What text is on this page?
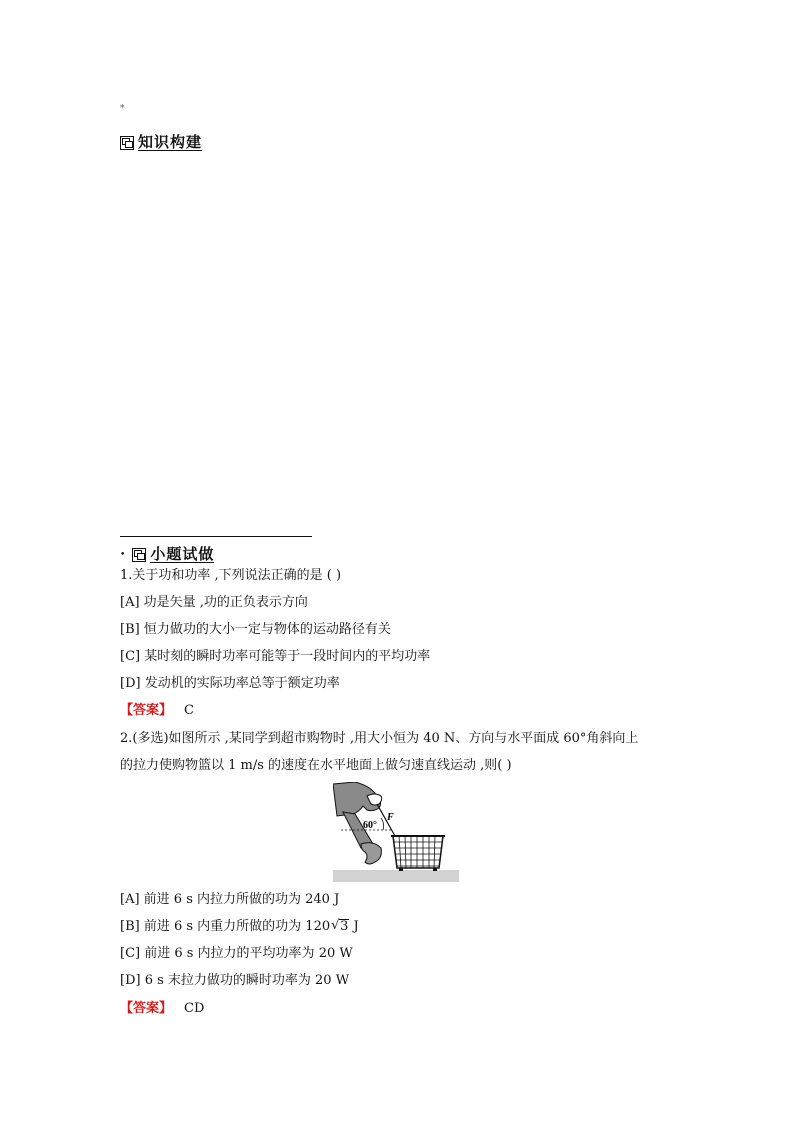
*
知识构建
• 小题试做
1.关于功和功率 ,下列说法正确的是 ( )
[A] 功是矢量 ,功的正负表示方向
[B] 恒力做功的大小一定与物体的运动路径有关
[C] 某时刻的瞬时功率可能等于一段时间内的平均功率
[D] 发动机的实际功率总等于额定功率
【答案】 C
2.(多选)如图所示 ,某同学到超市购物时 ,用大小恒为 40 N、方向与水平面成 60°角斜向上
的拉力使购物篮以 1 m/s 的速度在水平地面上做匀速直线运动 ,则( )
60°
F
[A] 前进 6 s 内拉力所做的功为 240 J
[B] 前进 6 s 内重力所做的功为 120 √ 3 J
[C] 前进 6 s 内拉力的平均功率为 20 W
[D] 6 s 末拉力做功的瞬时功率为 20 W
【答案】 CD
